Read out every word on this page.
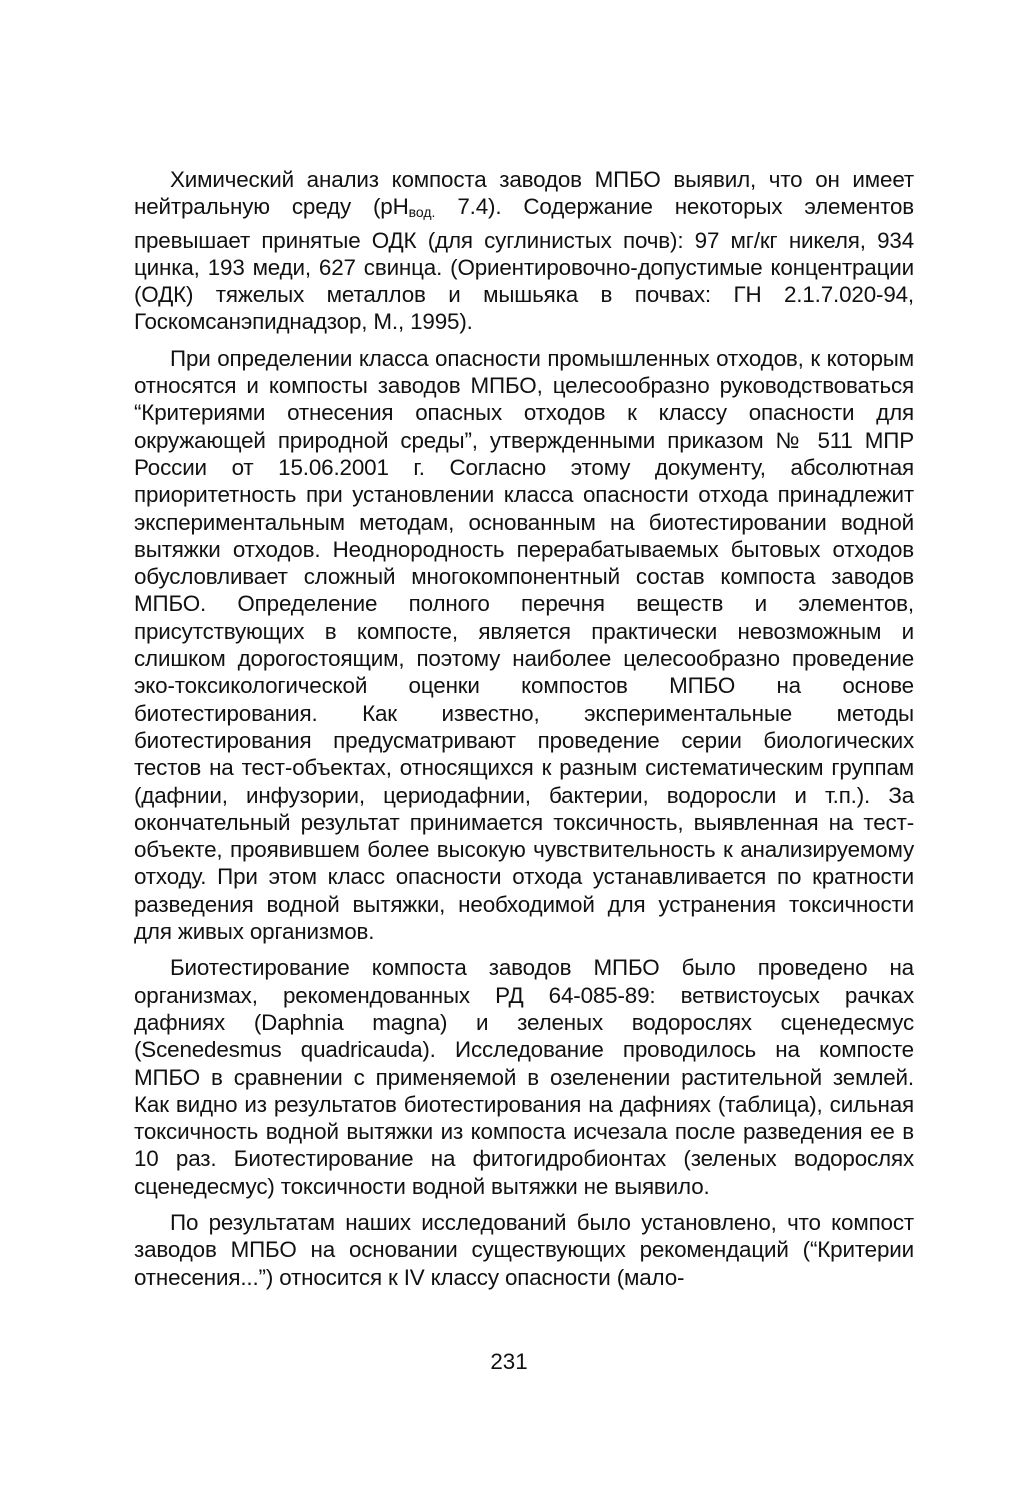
Химический анализ компоста заводов МПБО выявил, что он имеет нейтральную среду ($pH_{вод.}$ 7.4). Содержание некоторых элементов превышает принятые ОДК (для суглинистых почв): 97 мг/кг никеля, 934 цинка, 193 меди, 627 свинца. (Ориентировочно-допустимые концентрации (ОДК) тяжелых металлов и мышьяка в почвах: ГН 2.1.7.020-94, Госкомсанэпиднадзор, М., 1995).

При определении класса опасности промышленных отходов, к которым относятся и компосты заводов МПБО, целесообразно руководствоваться “Критериями отнесения опасных отходов к классу опасности для окружающей природной среды”, утвержденными приказом № 511 МПР России от 15.06.2001 г. Согласно этому документу, абсолютная приоритетность при установлении класса опасности отхода принадлежит экспериментальным методам, основанным на биотестировании водной вытяжки отходов. Неоднородность перерабатываемых бытовых отходов обусловливает сложный многокомпонентный состав компоста заводов МПБО. Определение полного перечня веществ и элементов, присутствующих в компосте, является практически невозможным и слишком дорогостоящим, поэтому наиболее целесообразно проведение эко-токсикологической оценки компостов МПБО на основе биотестирования. Как известно, экспериментальные методы биотестирования предусматривают проведение серии биологических тестов на тест-объектах, относящихся к разным систематическим группам (дафнии, инфузории, цериодафнии, бактерии, водоросли и т.п.). За окончательный результат принимается токсичность, выявленная на тест-объекте, проявившем более высокую чувствительность к анализируемому отходу. При этом класс опасности отхода устанавливается по кратности разведения водной вытяжки, необходимой для устранения токсичности для живых организмов.

Биотестирование компоста заводов МПБО было проведено на организмах, рекомендованных РД 64-085-89: ветвистоусых рачках дафниях (Daphnia magna) и зеленых водорослях сценедесмус (Scenedesmus quadricauda). Исследование проводилось на компосте МПБО в сравнении с применяемой в озеленении растительной землей. Как видно из результатов биотестирования на дафниях (таблица), сильная токсичность водной вытяжки из компоста исчезала после разведения ее в 10 раз. Биотестирование на фитогидробионтах (зеленых водорослях сценедесмус) токсичности водной вытяжки не выявило.

По результатам наших исследований было установлено, что компост заводов МПБО на основании существующих рекомендаций (“Критерии отнесения...”) относится к IV классу опасности (мало-

231
